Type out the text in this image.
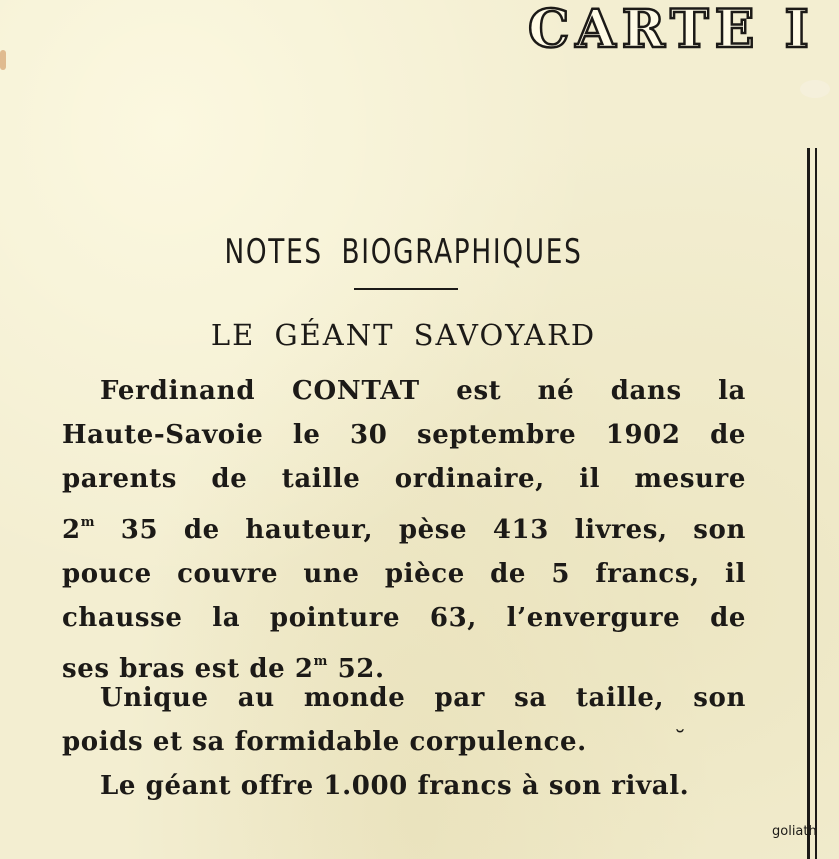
CARTE I
NOTES BIOGRAPHIQUES
LE GÉANT SAVOYARD
Ferdinand CONTAT est né dans la
Haute-Savoie le 30 septembre 1902 de
parents de taille ordinaire, il mesure
2$^m$ 35 de hauteur, pèse 413 livres, son
pouce couvre une pièce de 5 francs, il
chausse la pointure 63, l’envergure de
ses bras est de 2$^m$ 52.
Unique au monde par sa taille, son
poids et sa formidable corpulence.	˘
Le géant offre 1.000 francs à son rival.
goliath
